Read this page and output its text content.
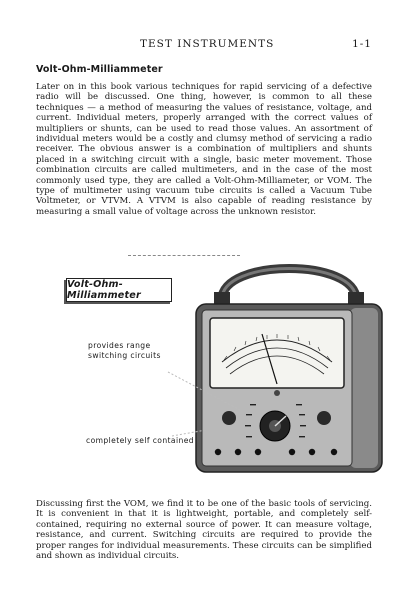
TEST INSTRUMENTS	1-1
Volt-Ohm-Milliammeter

Later on in this book various techniques for rapid servicing of a defective radio will be discussed. One thing, however, is common to all these techniques — a method of measuring the values of resistance, voltage, and current. Individual meters, properly arranged with the correct values of multipliers or shunts, can be used to read those values. An assortment of individual meters would be a costly and clumsy method of servicing a radio receiver. The obvious answer is a combination of multipliers and shunts placed in a switching circuit with a single, basic meter movement. Those combination circuits are called multimeters, and in the case of the most commonly used type, they are called a Volt-Ohm-Milliameter, or VOM. The type of multimeter using vacuum tube circuits is called a Vacuum Tube Voltmeter, or VTVM. A VTVM is also capable of reading resistance by measuring a small value of voltage across the unknown resistor.

Volt-Ohm-Milliammeter
provides range
switching circuits
completely self contained

Discussing first the VOM, we find it to be one of the basic tools of servicing. It is convenient in that it is lightweight, portable, and completely self-contained, requiring no external source of power. It can measure voltage, resistance, and current. Switching circuits are required to provide the proper ranges for individual measurements. These circuits can be simplified and shown as individual circuits.
